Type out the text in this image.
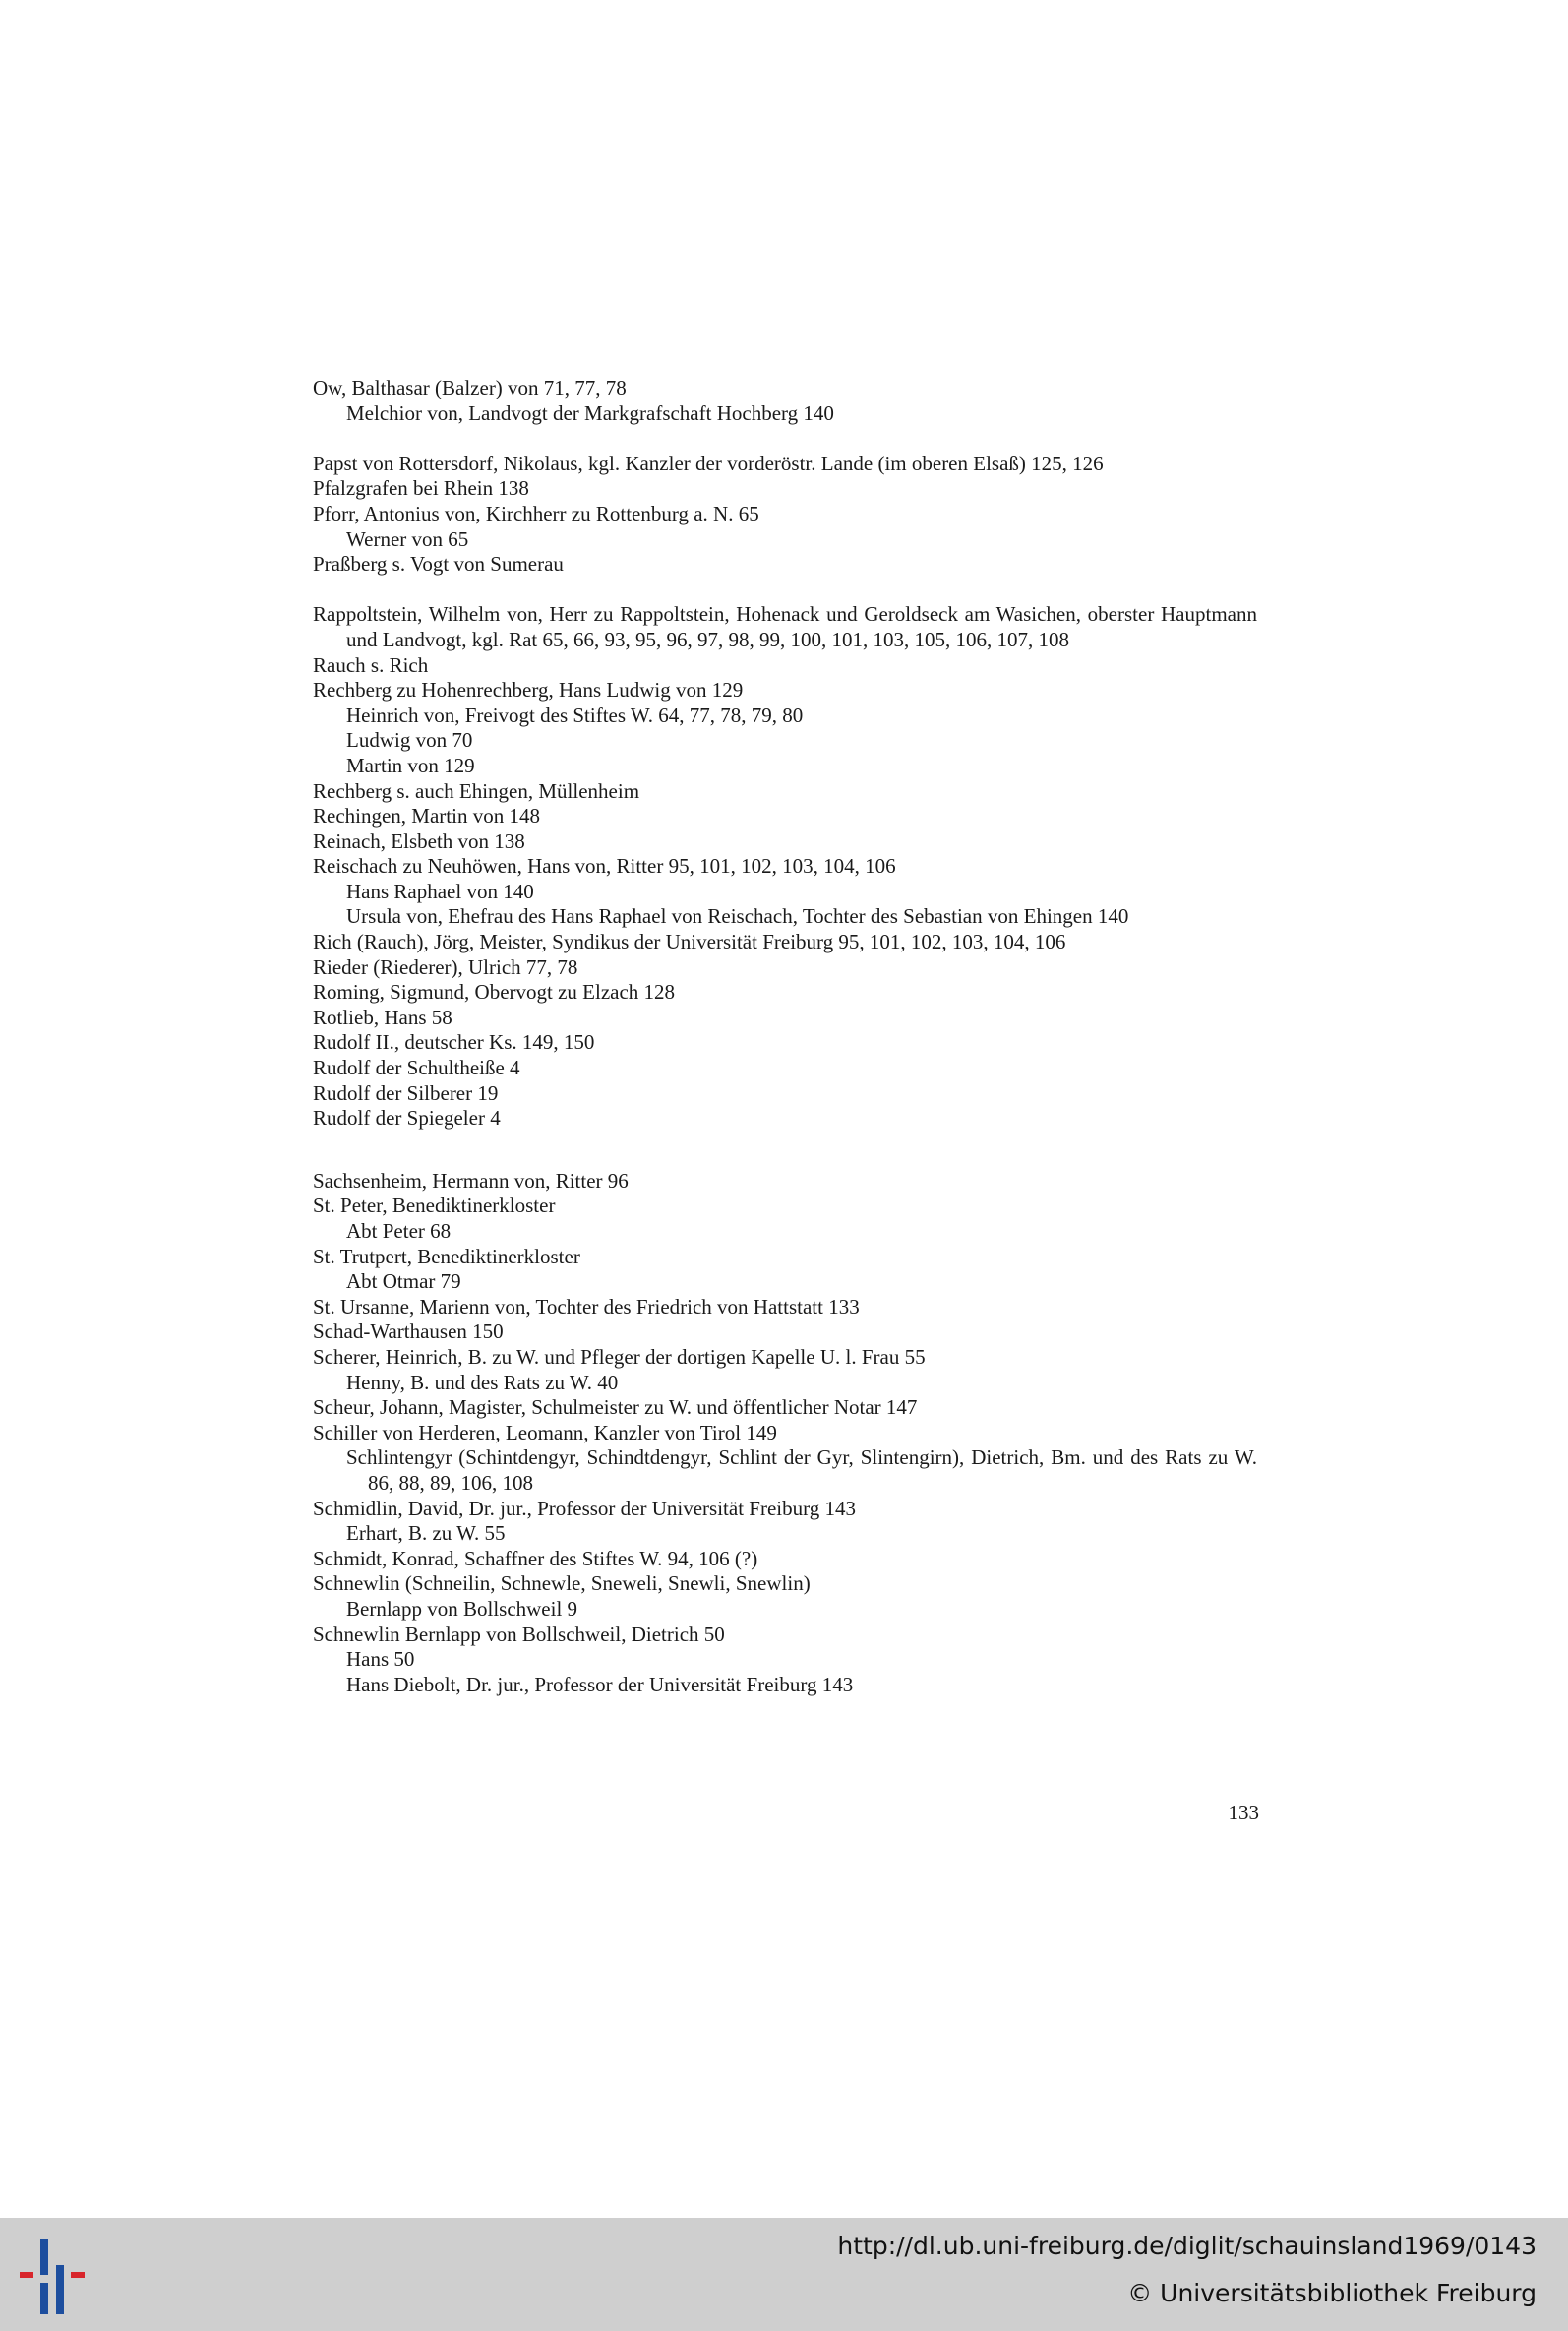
Ow, Balthasar (Balzer) von 71, 77, 78

Melchior von, Landvogt der Markgrafschaft Hochberg 140

Papst von Rottersdorf, Nikolaus, kgl. Kanzler der vorderöstr. Lande (im oberen Elsaß) 125, 126

Pfalzgrafen bei Rhein 138

Pforr, Antonius von, Kirchherr zu Rottenburg a. N. 65

Werner von 65

Praßberg s. Vogt von Sumerau

Rappoltstein, Wilhelm von, Herr zu Rappoltstein, Hohenack und Geroldseck am Wasichen, oberster Hauptmann und Landvogt, kgl. Rat 65, 66, 93, 95, 96, 97, 98, 99, 100, 101, 103, 105, 106, 107, 108

Rauch s. Rich

Rechberg zu Hohenrechberg, Hans Ludwig von 129

Heinrich von, Freivogt des Stiftes W. 64, 77, 78, 79, 80

Ludwig von 70

Martin von 129

Rechberg s. auch Ehingen, Müllenheim

Rechingen, Martin von 148

Reinach, Elsbeth von 138

Reischach zu Neuhöwen, Hans von, Ritter 95, 101, 102, 103, 104, 106

Hans Raphael von 140

Ursula von, Ehefrau des Hans Raphael von Reischach, Tochter des Sebastian von Ehingen 140

Rich (Rauch), Jörg, Meister, Syndikus der Universität Freiburg 95, 101, 102, 103, 104, 106

Rieder (Riederer), Ulrich 77, 78

Roming, Sigmund, Obervogt zu Elzach 128

Rotlieb, Hans 58

Rudolf II., deutscher Ks. 149, 150

Rudolf der Schultheiße 4

Rudolf der Silberer 19

Rudolf der Spiegeler 4

Sachsenheim, Hermann von, Ritter 96

St. Peter, Benediktinerkloster

Abt Peter 68

St. Trutpert, Benediktinerkloster

Abt Otmar 79

St. Ursanne, Marienn von, Tochter des Friedrich von Hattstatt 133

Schad-Warthausen 150

Scherer, Heinrich, B. zu W. und Pfleger der dortigen Kapelle U. l. Frau 55

Henny, B. und des Rats zu W. 40

Scheur, Johann, Magister, Schulmeister zu W. und öffentlicher Notar 147

Schiller von Herderen, Leomann, Kanzler von Tirol 149

Schlintengyr (Schintdengyr, Schindtdengyr, Schlint der Gyr, Slintengirn), Dietrich, Bm. und des Rats zu W. 86, 88, 89, 106, 108

Schmidlin, David, Dr. jur., Professor der Universität Freiburg 143

Erhart, B. zu W. 55

Schmidt, Konrad, Schaffner des Stiftes W. 94, 106 (?)

Schnewlin (Schneilin, Schnewle, Sneweli, Snewli, Snewlin)

Bernlapp von Bollschweil 9

Schnewlin Bernlapp von Bollschweil, Dietrich 50

Hans 50

Hans Diebolt, Dr. jur., Professor der Universität Freiburg 143

133
http://dl.ub.uni-freiburg.de/diglit/schauinsland1969/0143
© Universitätsbibliothek Freiburg
